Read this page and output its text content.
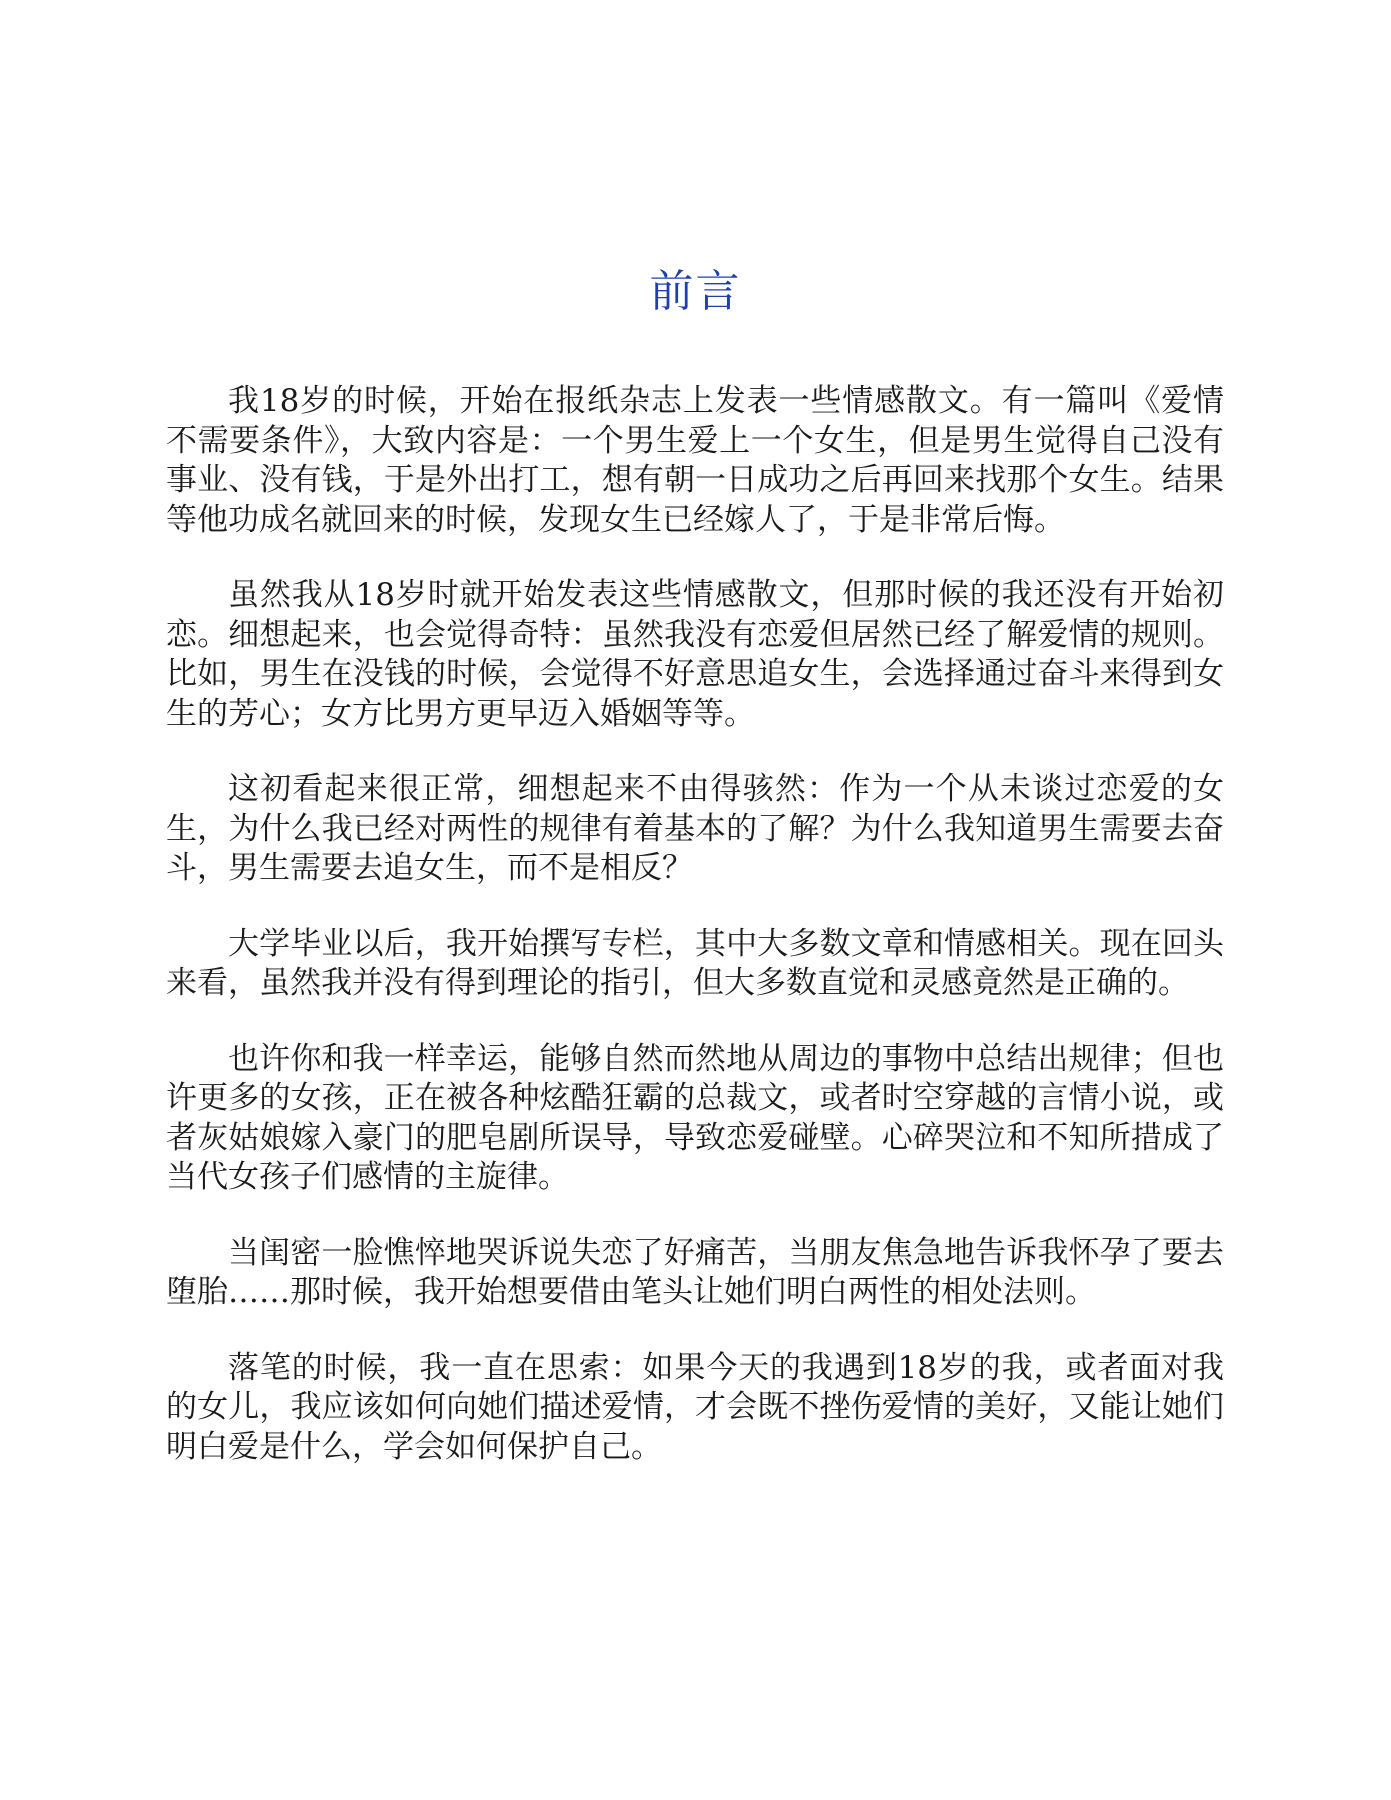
前言

我18岁的时候，开始在报纸杂志上发表一些情感散文。有一篇叫《爱情不需要条件》，大致内容是：一个男生爱上一个女生，但是男生觉得自己没有事业、没有钱，于是外出打工，想有朝一日成功之后再回来找那个女生。结果等他功成名就回来的时候，发现女生已经嫁人了，于是非常后悔。

虽然我从18岁时就开始发表这些情感散文，但那时候的我还没有开始初恋。细想起来，也会觉得奇特：虽然我没有恋爱但居然已经了解爱情的规则。比如，男生在没钱的时候，会觉得不好意思追女生，会选择通过奋斗来得到女生的芳心；女方比男方更早迈入婚姻等等。

这初看起来很正常，细想起来不由得骇然：作为一个从未谈过恋爱的女生，为什么我已经对两性的规律有着基本的了解？为什么我知道男生需要去奋斗，男生需要去追女生，而不是相反？

大学毕业以后，我开始撰写专栏，其中大多数文章和情感相关。现在回头来看，虽然我并没有得到理论的指引，但大多数直觉和灵感竟然是正确的。

也许你和我一样幸运，能够自然而然地从周边的事物中总结出规律；但也许更多的女孩，正在被各种炫酷狂霸的总裁文，或者时空穿越的言情小说，或者灰姑娘嫁入豪门的肥皂剧所误导，导致恋爱碰壁。心碎哭泣和不知所措成了当代女孩子们感情的主旋律。

当闺密一脸憔悴地哭诉说失恋了好痛苦，当朋友焦急地告诉我怀孕了要去堕胎……那时候，我开始想要借由笔头让她们明白两性的相处法则。

落笔的时候，我一直在思索：如果今天的我遇到18岁的我，或者面对我的女儿，我应该如何向她们描述爱情，才会既不挫伤爱情的美好，又能让她们明白爱是什么，学会如何保护自己。
